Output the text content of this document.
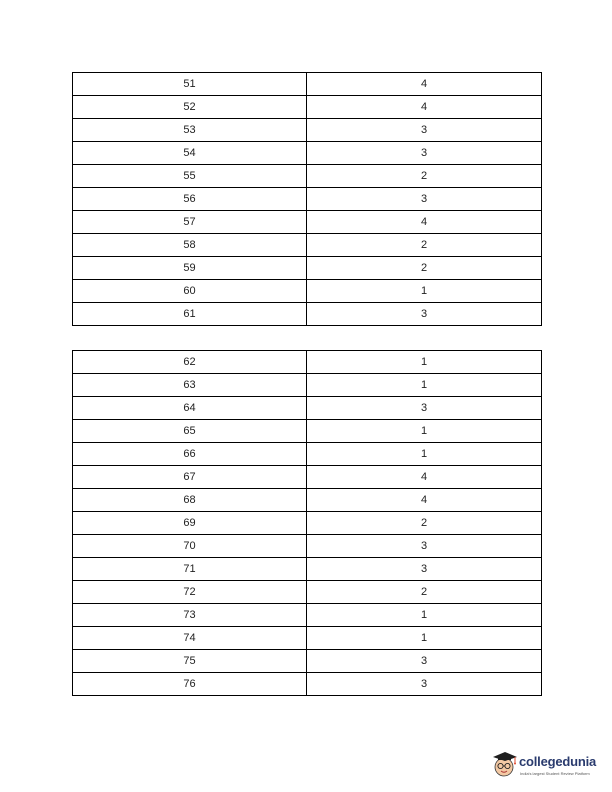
51	4
52	4
53	3
54	3
55	2
56	3
57	4
58	2
59	2
60	1
61	3
62	1
63	1
64	3
65	1
66	1
67	4
68	4
69	2
70	3
71	3
72	2
73	1
74	1
75	3
76	3
collegedunia
India's largest Student Review Platform
